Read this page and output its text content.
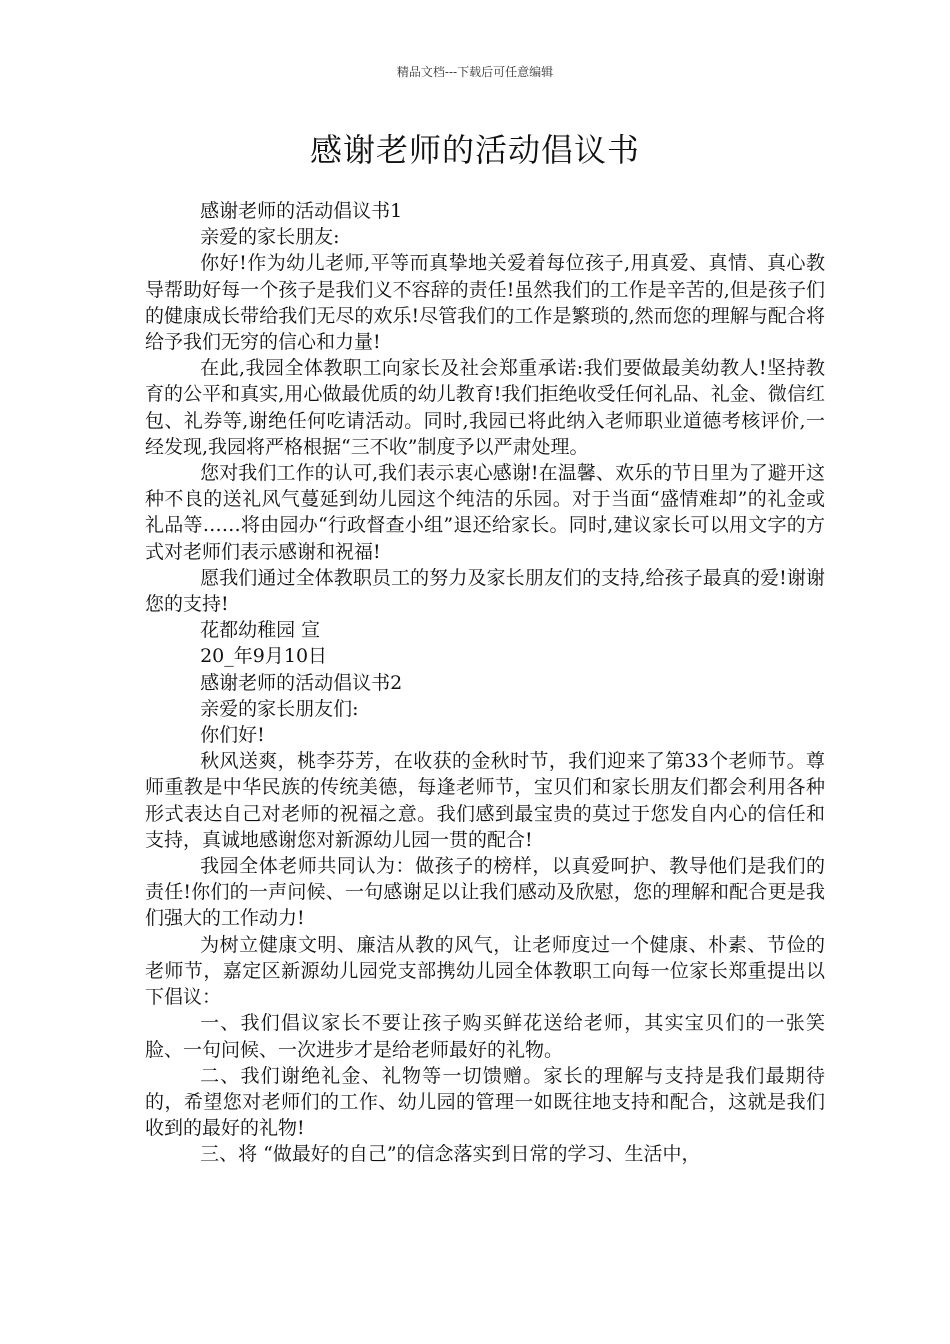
精品文档---下载后可任意编辑
感谢老师的活动倡议书

感谢老师的活动倡议书1

亲爱的家长朋友:

你好!作为幼儿老师,平等而真挚地关爱着每位孩子,用真爱、真情、真心教导帮助好每一个孩子是我们义不容辞的责任!虽然我们的工作是辛苦的,但是孩子们的健康成长带给我们无尽的欢乐!尽管我们的工作是繁琐的,然而您的理解与配合将给予我们无穷的信心和力量!

在此,我园全体教职工向家长及社会郑重承诺:我们要做最美幼教人!坚持教育的公平和真实,用心做最优质的幼儿教育!我们拒绝收受任何礼品、礼金、微信红包、礼券等,谢绝任何吃请活动。同时,我园已将此纳入老师职业道德考核评价,一经发现,我园将严格根据“三不收”制度予以严肃处理。

您对我们工作的认可,我们表示衷心感谢!在温馨、欢乐的节日里为了避开这种不良的送礼风气蔓延到幼儿园这个纯洁的乐园。对于当面“盛情难却”的礼金或礼品等……将由园办“行政督查小组”退还给家长。同时,建议家长可以用文字的方式对老师们表示感谢和祝福!

愿我们通过全体教职员工的努力及家长朋友们的支持,给孩子最真的爱!谢谢您的支持!

花都幼稚园 宣

20_年9月10日

感谢老师的活动倡议书2

亲爱的家长朋友们:

你们好!

秋风送爽，桃李芬芳，在收获的金秋时节，我们迎来了第33个老师节。尊师重教是中华民族的传统美德，每逢老师节，宝贝们和家长朋友们都会利用各种形式表达自己对老师的祝福之意。我们感到最宝贵的莫过于您发自内心的信任和支持，真诚地感谢您对新源幼儿园一贯的配合!

我园全体老师共同认为：做孩子的榜样，以真爱呵护、教导他们是我们的责任!你们的一声问候、一句感谢足以让我们感动及欣慰，您的理解和配合更是我们强大的工作动力!

为树立健康文明、廉洁从教的风气，让老师度过一个健康、朴素、节俭的老师节，嘉定区新源幼儿园党支部携幼儿园全体教职工向每一位家长郑重提出以下倡议：

一、我们倡议家长不要让孩子购买鲜花送给老师，其实宝贝们的一张笑脸、一句问候、一次进步才是给老师最好的礼物。

二、我们谢绝礼金、礼物等一切馈赠。家长的理解与支持是我们最期待的，希望您对老师们的工作、幼儿园的管理一如既往地支持和配合，这就是我们收到的最好的礼物!

三、将 “做最好的自己”的信念落实到日常的学习、生活中，
